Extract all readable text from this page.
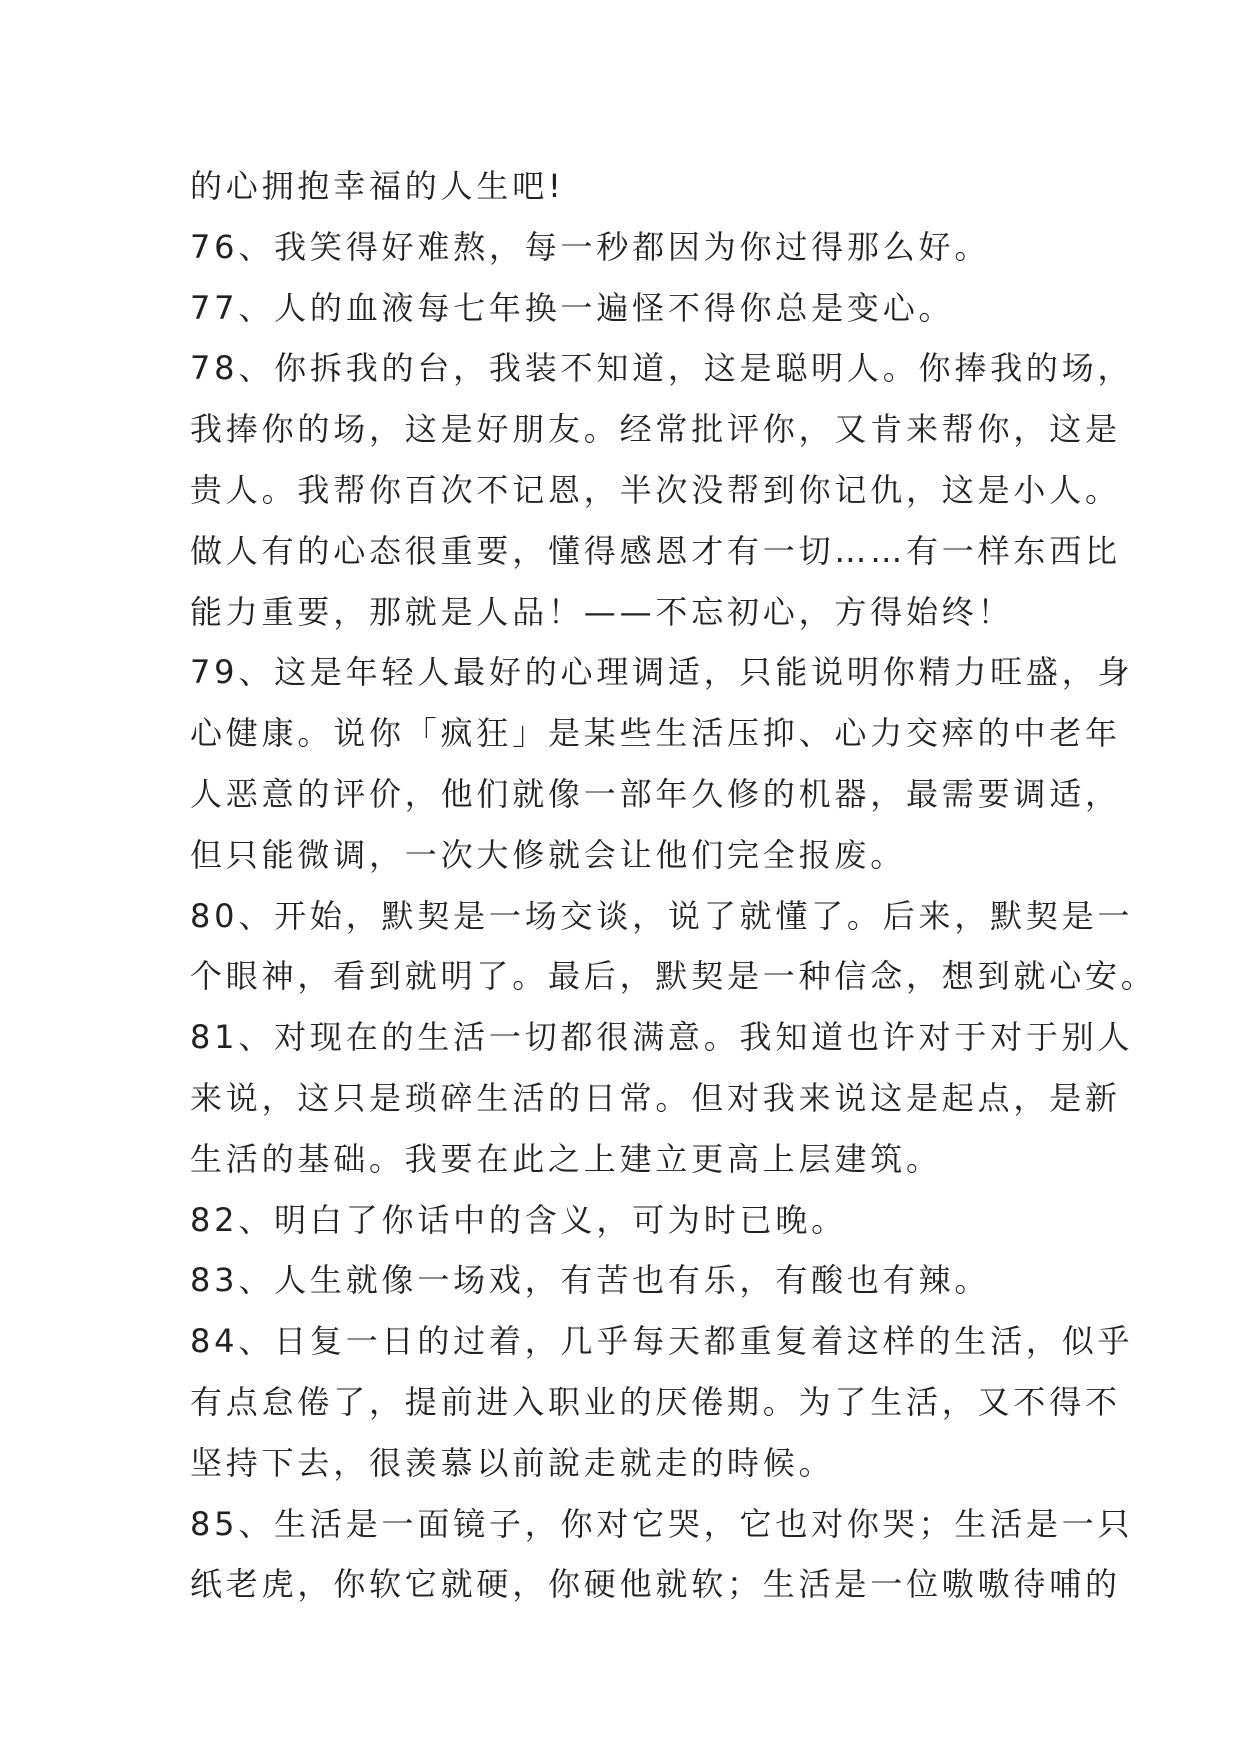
的心拥抱幸福的人生吧!
76、我笑得好难熬，每一秒都因为你过得那么好。
77、人的血液每七年换一遍怪不得你总是变心。
78、你拆我的台，我装不知道，这是聪明人。你捧我的场，
我捧你的场，这是好朋友。经常批评你，又肯来帮你，这是
贵人。我帮你百次不记恩，半次没帮到你记仇，这是小人。
做人有的心态很重要，懂得感恩才有一切……有一样东西比
能力重要，那就是人品！——不忘初心，方得始终！
79、这是年轻人最好的心理调适，只能说明你精力旺盛，身
心健康。说你「疯狂」是某些生活压抑、心力交瘁的中老年
人恶意的评价，他们就像一部年久修的机器，最需要调适，
但只能微调，一次大修就会让他们完全报废。
80、开始，默契是一场交谈，说了就懂了。后来，默契是一
个眼神，看到就明了。最后，默契是一种信念，想到就心安。
81、对现在的生活一切都很满意。我知道也许对于对于别人
来说，这只是琐碎生活的日常。但对我来说这是起点，是新
生活的基础。我要在此之上建立更高上层建筑。
82、明白了你话中的含义，可为时已晚。
83、人生就像一场戏，有苦也有乐，有酸也有辣。
84、日复一日的过着，几乎每天都重复着这样的生活，似乎
有点怠倦了，提前进入职业的厌倦期。为了生活，又不得不
坚持下去，很羡慕以前說走就走的時候。
85、生活是一面镜子，你对它哭，它也对你哭；生活是一只
纸老虎，你软它就硬，你硬他就软；生活是一位嗷嗷待哺的
